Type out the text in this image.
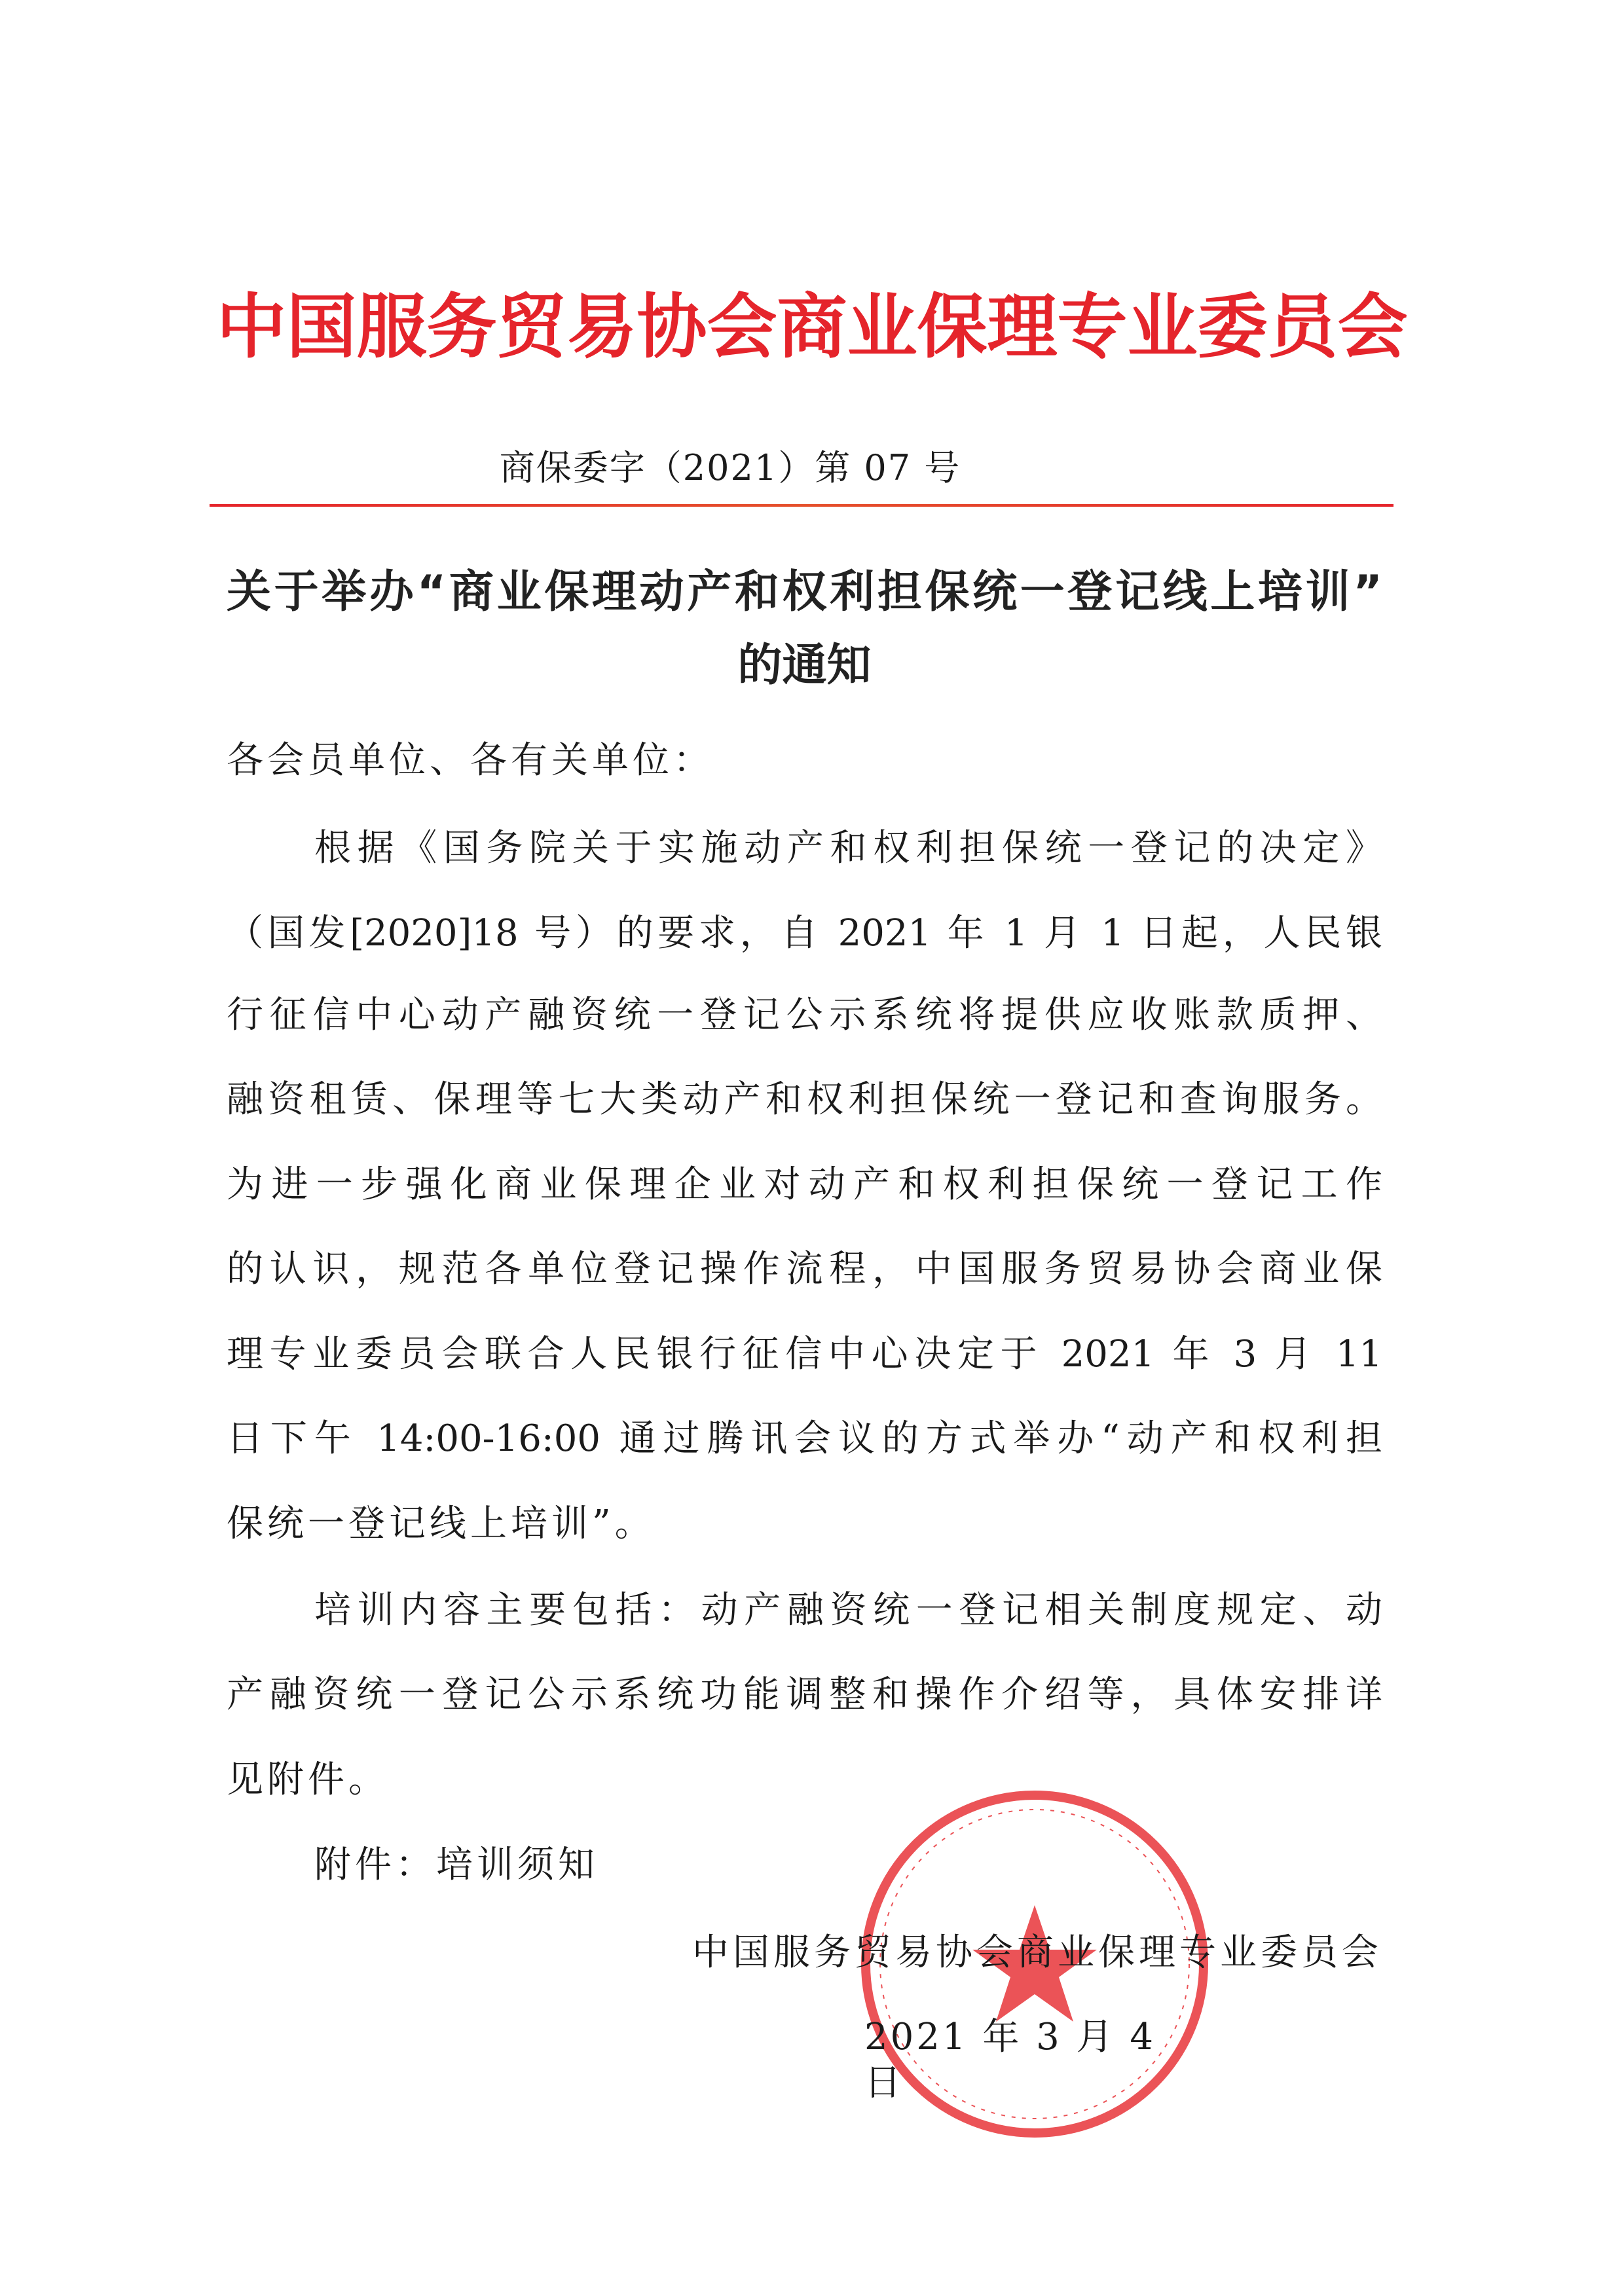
中国服务贸易协会商业保理专业委员会
商保委字（2021）第 07 号
关于举办“商业保理动产和权利担保统一登记线上培训”
的通知
各会员单位、各有关单位：
根据《国务院关于实施动产和权利担保统一登记的决定》
（国发[2020]18 号）的要求，自 2021 年 1 月 1 日起，人民银
行征信中心动产融资统一登记公示系统将提供应收账款质押、
融资租赁、保理等七大类动产和权利担保统一登记和查询服务。
为进一步强化商业保理企业对动产和权利担保统一登记工作
的认识，规范各单位登记操作流程，中国服务贸易协会商业保
理专业委员会联合人民银行征信中心决定于 2021 年 3 月 11
日下午 14:00-16:00 通过腾讯会议的方式举办“动产和权利担
保统一登记线上培训”。
培训内容主要包括：动产融资统一登记相关制度规定、动
产融资统一登记公示系统功能调整和操作介绍等，具体安排详
见附件。
附件：培训须知
中国服务贸易协会商业保理专业委员会
2021 年 3 月 4 日
